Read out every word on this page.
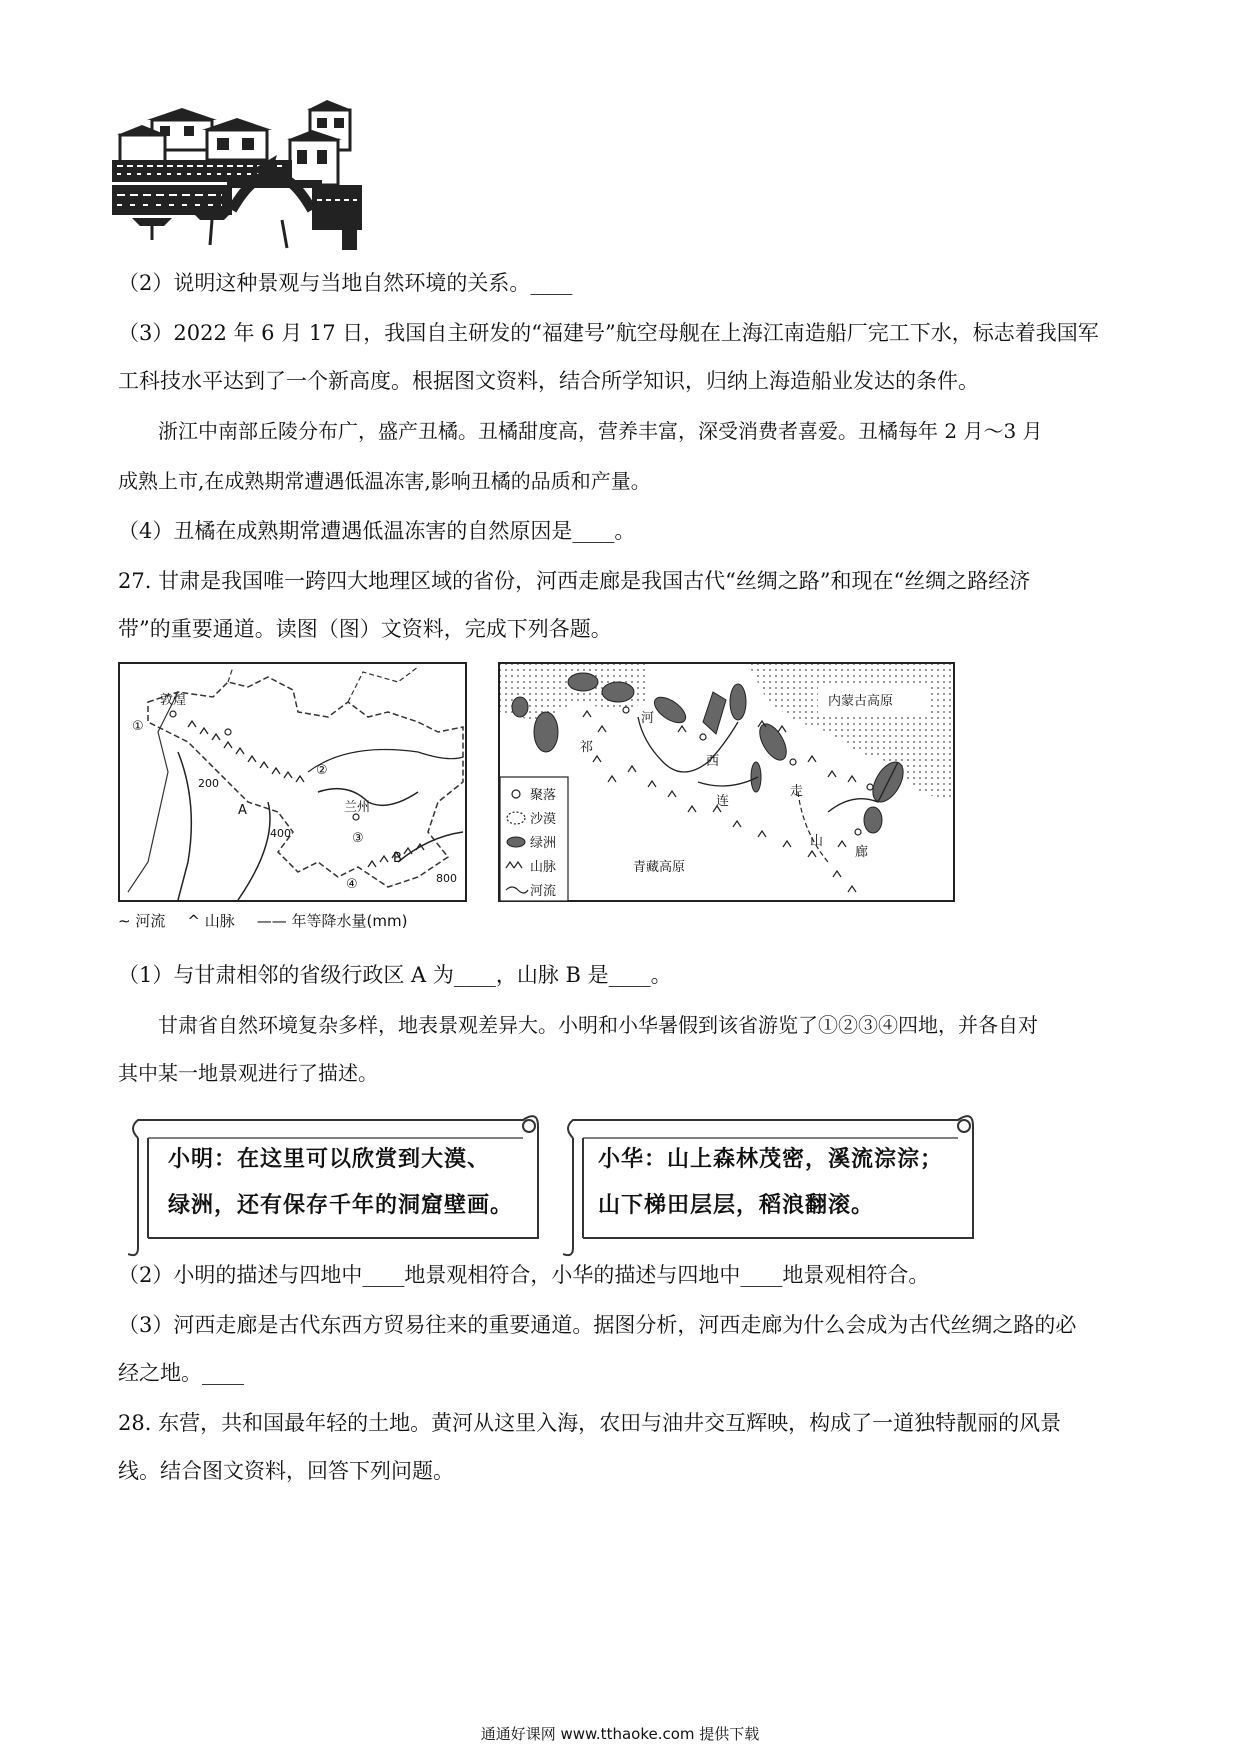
（2）说明这种景观与当地自然环境的关系。____
（3）2022 年 6 月 17 日，我国自主研发的“福建号”航空母舰在上海江南造船厂完工下水，标志着我国军
工科技水平达到了一个新高度。根据图文资料，结合所学知识，归纳上海造船业发达的条件。
浙江中南部丘陵分布广，盛产丑橘。丑橘甜度高，营养丰富，深受消费者喜爱。丑橘每年 2 月～3 月
成熟上市,在成熟期常遭遇低温冻害,影响丑橘的品质和产量。
（4）丑橘在成熟期常遭遇低温冻害的自然原因是____。
27. 甘肃是我国唯一跨四大地理区域的省份，河西走廊是我国古代“丝绸之路”和现在“丝绸之路经济
带”的重要通道。读图（图）文资料，完成下列各题。
敦煌
①
②
兰州
A
③
B
④
200
400
800
∼ 河流 ^ 山脉 —— 年等降水量(mm)
聚落
沙漠
绿洲
山脉
河流
内蒙古高原
青藏高原
河
西
走
廊
祁
连
山
（1）与甘肃相邻的省级行政区 A 为____，山脉 B 是____。
甘肃省自然环境复杂多样，地表景观差异大。小明和小华暑假到该省游览了①②③④四地，并各自对
其中某一地景观进行了描述。
小明：在这里可以欣赏到大漠、
绿洲，还有保存千年的洞窟壁画。
小华：山上森林茂密，溪流淙淙；
山下梯田层层，稻浪翻滚。
（2）小明的描述与四地中____地景观相符合，小华的描述与四地中____地景观相符合。
（3）河西走廊是古代东西方贸易往来的重要通道。据图分析，河西走廊为什么会成为古代丝绸之路的必
经之地。____
28. 东营，共和国最年轻的土地。黄河从这里入海，农田与油井交互辉映，构成了一道独特靓丽的风景
线。结合图文资料，回答下列问题。
通通好课网 www.tthaoke.com 提供下载
